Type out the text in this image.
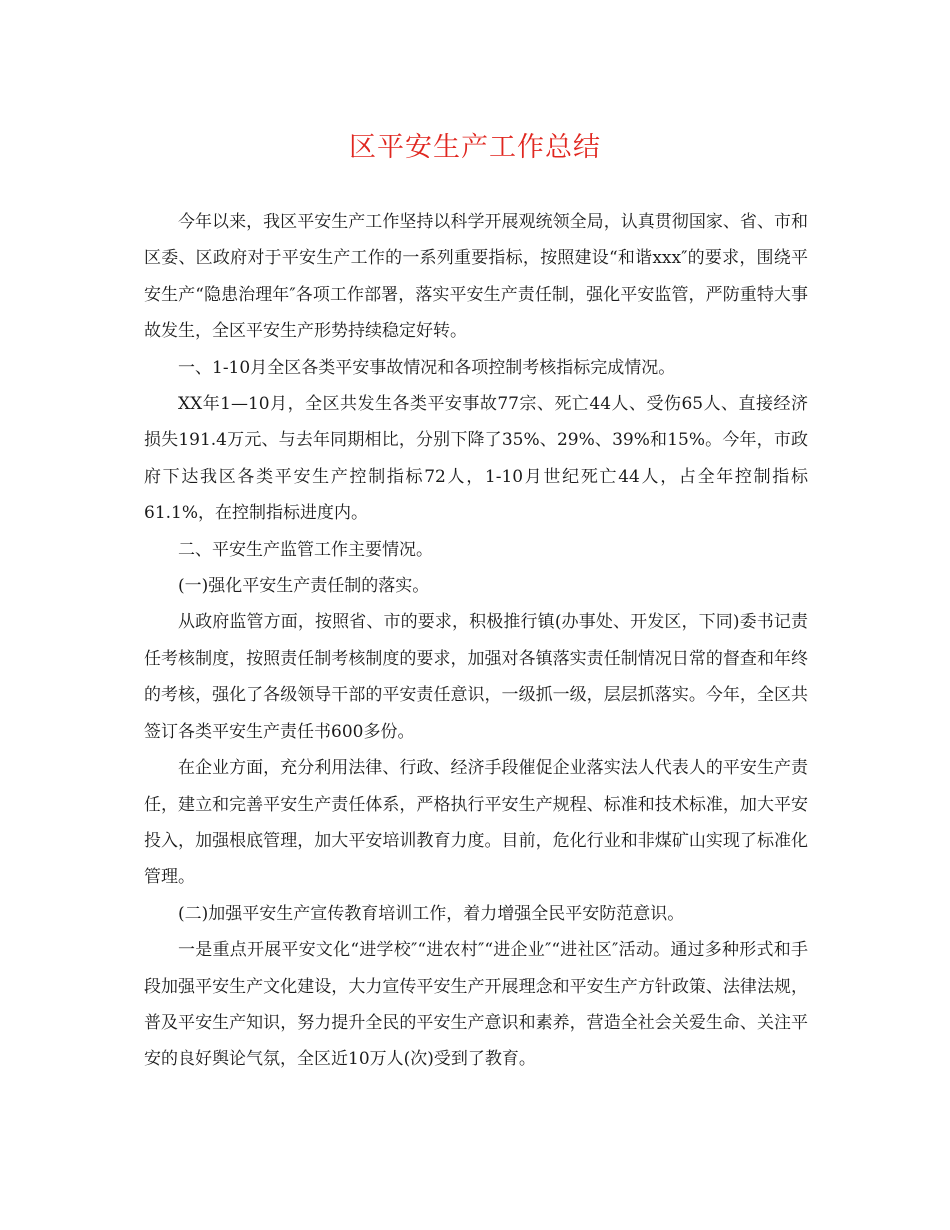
区平安生产工作总结

今年以来，我区平安生产工作坚持以科学开展观统领全局，认真贯彻国家、省、市和区委、区政府对于平安生产工作的一系列重要指标，按照建设“和谐xxx″的要求，围绕平安生产“隐患治理年″各项工作部署，落实平安生产责任制，强化平安监管，严防重特大事故发生，全区平安生产形势持续稳定好转。

一、1-10月全区各类平安事故情况和各项控制考核指标完成情况。

XX年1—10月，全区共发生各类平安事故77宗、死亡44人、受伤65人、直接经济损失191.4万元、与去年同期相比，分别下降了35%、29%、39%和15%。今年，市政府下达我区各类平安生产控制指标72人，1-10月世纪死亡44人，占全年控制指标61.1%，在控制指标进度内。

二、平安生产监管工作主要情况。

(一)强化平安生产责任制的落实。

从政府监管方面，按照省、市的要求，积极推行镇(办事处、开发区，下同)委书记责任考核制度，按照责任制考核制度的要求，加强对各镇落实责任制情况日常的督查和年终的考核，强化了各级领导干部的平安责任意识，一级抓一级，层层抓落实。今年，全区共签订各类平安生产责任书600多份。

在企业方面，充分利用法律、行政、经济手段催促企业落实法人代表人的平安生产责任，建立和完善平安生产责任体系，严格执行平安生产规程、标准和技术标准，加大平安投入，加强根底管理，加大平安培训教育力度。目前，危化行业和非煤矿山实现了标准化管理。

(二)加强平安生产宣传教育培训工作，着力增强全民平安防范意识。

一是重点开展平安文化“进学校″“进农村″“进企业″“进社区″活动。通过多种形式和手段加强平安生产文化建设，大力宣传平安生产开展理念和平安生产方针政策、法律法规，普及平安生产知识，努力提升全民的平安生产意识和素养，营造全社会关爱生命、关注平安的良好舆论气氛，全区近10万人(次)受到了教育。
